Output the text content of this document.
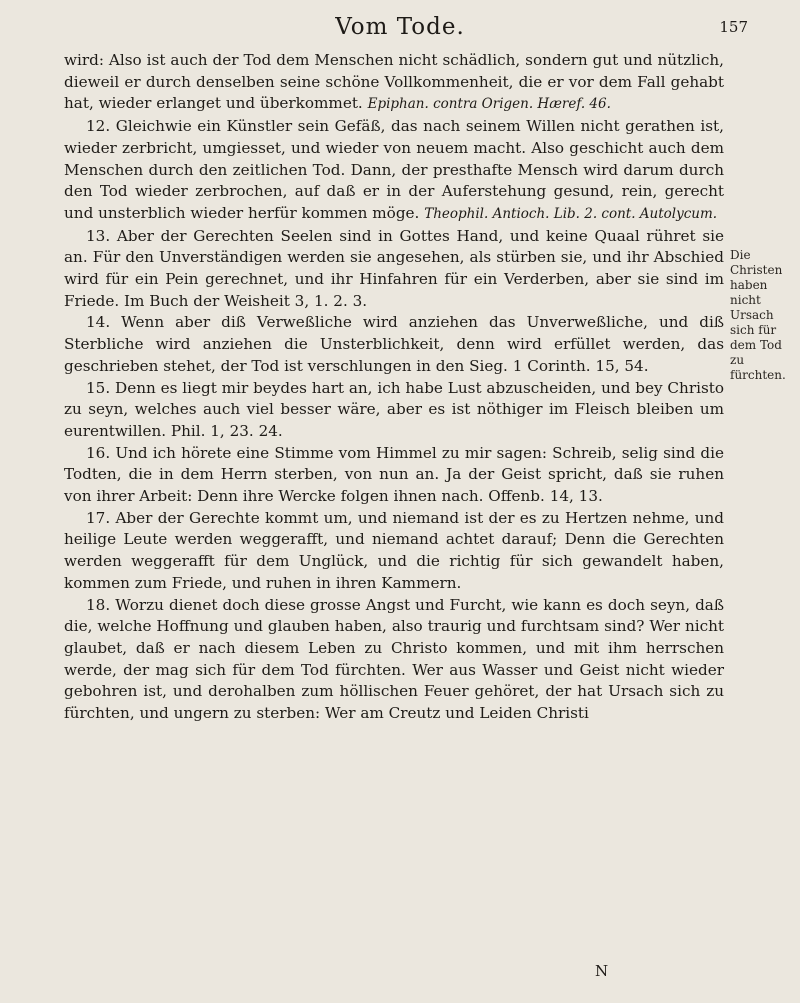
Vom Tode.	157

wird: Also ist auch der Tod dem Menschen nicht schädlich, sondern gut und nützlich, dieweil er durch denselben seine schöne Vollkommenheit, die er vor dem Fall gehabt hat, wieder erlanget und überkommet. Epiphan. contra Origen. Hæref. 46.

12. Gleichwie ein Künstler sein Gefäß, das nach seinem Willen nicht gerathen ist, wieder zerbricht, umgiesset, und wieder von neuem macht. Also geschicht auch dem Menschen durch den zeitlichen Tod. Dann, der presthafte Mensch wird darum durch den Tod wieder zerbrochen, auf daß er in der Auferstehung gesund, rein, gerecht und unsterblich wieder herfür kommen möge. Theophil. Antioch. Lib. 2. cont. Autolycum.

13. Aber der Gerechten Seelen sind in Gottes Hand, und keine Quaal rühret sie an. Für den Unverständigen werden sie angesehen, als stürben sie, und ihr Abschied wird für ein Pein gerechnet, und ihr Hinfahren für ein Verderben, aber sie sind im Friede. Im Buch der Weisheit 3, 1. 2. 3.

14. Wenn aber diß Verweßliche wird anziehen das Unverweßliche, und diß Sterbliche wird anziehen die Unsterblichkeit, denn wird erfüllet werden, das geschrieben stehet, der Tod ist verschlungen in den Sieg. 1 Corinth. 15, 54.

15. Denn es liegt mir beydes hart an, ich habe Lust abzuscheiden, und bey Christo zu seyn, welches auch viel besser wäre, aber es ist nöthiger im Fleisch bleiben um eurentwillen. Phil. 1, 23. 24.

16. Und ich hörete eine Stimme vom Himmel zu mir sagen: Schreib, selig sind die Todten, die in dem Herrn sterben, von nun an. Ja der Geist spricht, daß sie ruhen von ihrer Arbeit: Denn ihre Wercke folgen ihnen nach. Offenb. 14, 13.

17. Aber der Gerechte kommt um, und niemand ist der es zu Hertzen nehme, und heilige Leute werden weggerafft, und niemand achtet darauf; Denn die Gerechten werden weggerafft für dem Unglück, und die richtig für sich gewandelt haben, kommen zum Friede, und ruhen in ihren Kammern.

18. Worzu dienet doch diese grosse Angst und Furcht, wie kann es doch seyn, daß die, welche Hoffnung und glauben haben, also traurig und furchtsam sind? Wer nicht glaubet, daß er nach diesem Leben zu Christo kommen, und mit ihm herrschen werde, der mag sich für dem Tod fürchten. Wer aus Wasser und Geist nicht wieder gebohren ist, und derohalben zum höllischen Feuer gehöret, der hat Ursach sich zu fürchten, und ungern zu sterben: Wer am Creutz und Leiden Christi

Die Christen haben nicht Ursach sich für dem Tod zu fürchten.
N
